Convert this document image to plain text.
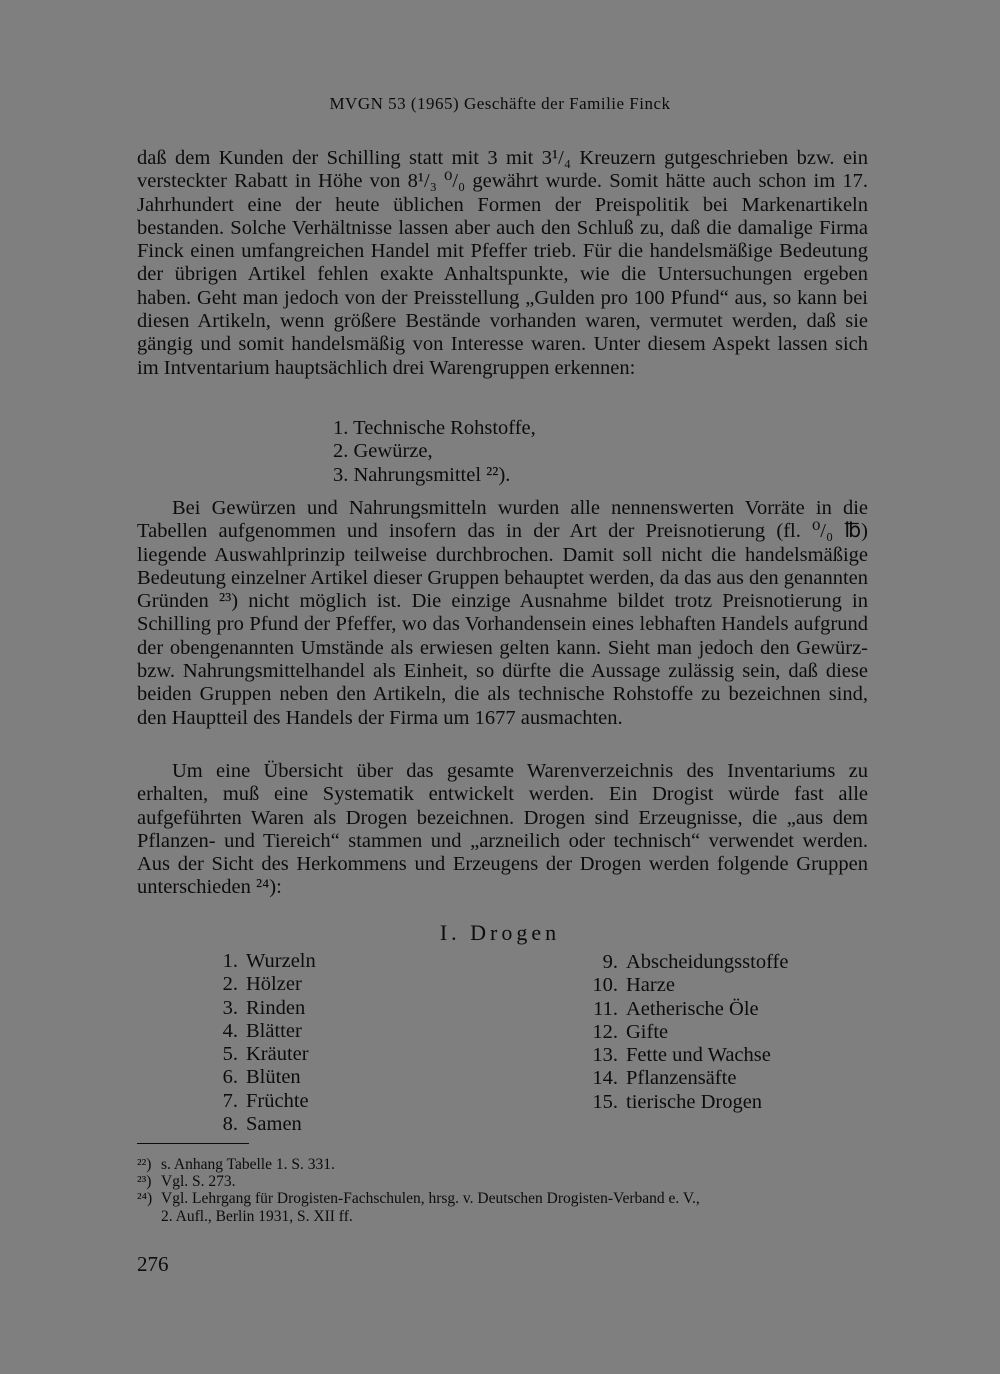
MVGN 53 (1965) Geschäfte der Familie Finck

daß dem Kunden der Schilling statt mit 3 mit 3¹/₄ Kreuzern gutgeschrieben bzw. ein versteckter Rabatt in Höhe von 8¹/₃ ⁰/₀ gewährt wurde. Somit hätte auch schon im 17. Jahrhundert eine der heute üblichen Formen der Preispolitik bei Markenartikeln bestanden. Solche Verhältnisse lassen aber auch den Schluß zu, daß die damalige Firma Finck einen umfangreichen Handel mit Pfeffer trieb. Für die handelsmäßige Bedeutung der übrigen Artikel fehlen exakte Anhaltspunkte, wie die Untersuchungen ergeben haben. Geht man jedoch von der Preisstellung „Gulden pro 100 Pfund“ aus, so kann bei diesen Artikeln, wenn größere Bestände vorhanden waren, vermutet werden, daß sie gängig und somit handelsmäßig von Interesse waren. Unter diesem Aspekt lassen sich im Intventarium hauptsächlich drei Warengruppen erkennen:

1. Technische Rohstoffe,
2. Gewürze,
3. Nahrungsmittel ²²).

Bei Gewürzen und Nahrungsmitteln wurden alle nennenswerten Vorräte in die Tabellen aufgenommen und insofern das in der Art der Preisnotierung (fl. ⁰/₀ ℔) liegende Auswahlprinzip teilweise durchbrochen. Damit soll nicht die handelsmäßige Bedeutung einzelner Artikel dieser Gruppen behauptet werden, da das aus den genannten Gründen ²³) nicht möglich ist. Die einzige Ausnahme bildet trotz Preisnotierung in Schilling pro Pfund der Pfeffer, wo das Vorhandensein eines lebhaften Handels aufgrund der obengenannten Umstände als erwiesen gelten kann. Sieht man jedoch den Gewürz- bzw. Nahrungsmittelhandel als Einheit, so dürfte die Aussage zulässig sein, daß diese beiden Gruppen neben den Artikeln, die als technische Rohstoffe zu bezeichnen sind, den Hauptteil des Handels der Firma um 1677 ausmachten.

Um eine Übersicht über das gesamte Warenverzeichnis des Inventariums zu erhalten, muß eine Systematik entwickelt werden. Ein Drogist würde fast alle aufgeführten Waren als Drogen bezeichnen. Drogen sind Erzeugnisse, die „aus dem Pflanzen- und Tiereich“ stammen und „arzneilich oder technisch“ verwendet werden. Aus der Sicht des Herkommens und Erzeugens der Drogen werden folgende Gruppen unterschieden ²⁴):

I. Drogen
1. Wurzeln
2. Hölzer
3. Rinden
4. Blätter
5. Kräuter
6. Blüten
7. Früchte
8. Samen
9. Abscheidungsstoffe
10. Harze
11. Aetherische Öle
12. Gifte
13. Fette und Wachse
14. Pflanzensäfte
15. tierische Drogen
²²) s. Anhang Tabelle 1. S. 331.
²³) Vgl. S. 273.
²⁴) Vgl. Lehrgang für Drogisten-Fachschulen, hrsg. v. Deutschen Drogisten-Verband e. V.,
2. Aufl., Berlin 1931, S. XII ff.
276
